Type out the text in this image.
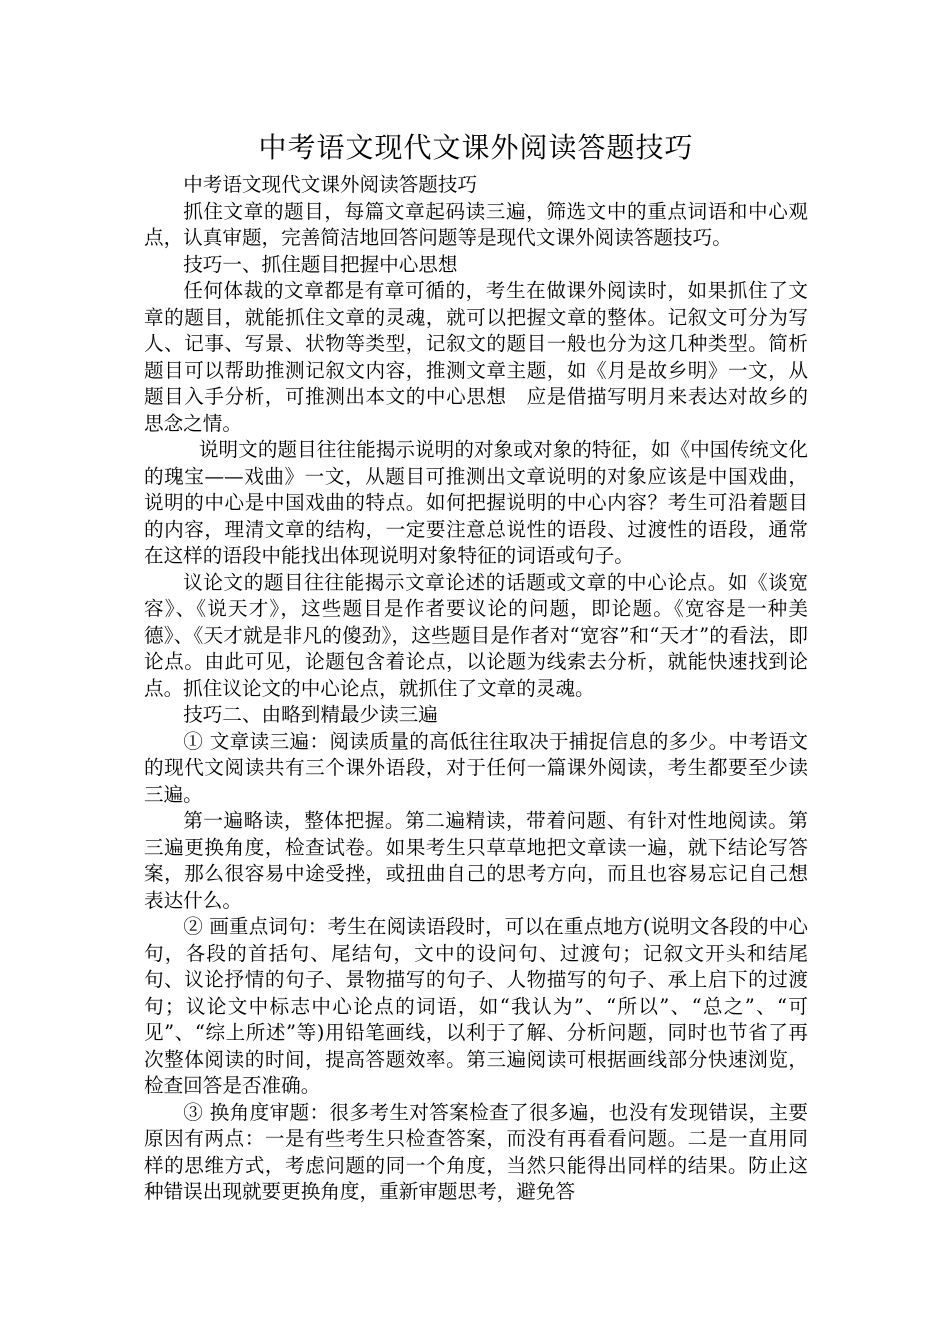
中考语文现代文课外阅读答题技巧

中考语文现代文课外阅读答题技巧

抓住文章的题目，每篇文章起码读三遍，筛选文中的重点词语和中心观点，认真审题，完善简洁地回答问题等是现代文课外阅读答题技巧。

技巧一、抓住题目把握中心思想

任何体裁的文章都是有章可循的，考生在做课外阅读时，如果抓住了文章的题目，就能抓住文章的灵魂，就可以把握文章的整体。记叙文可分为写人、记事、写景、状物等类型，记叙文的题目一般也分为这几种类型。简析题目可以帮助推测记叙文内容，推测文章主题，如《月是故乡明》一文，从题目入手分析，可推测出本文的中心思想　应是借描写明月来表达对故乡的思念之情。

说明文的题目往往能揭示说明的对象或对象的特征，如《中国传统文化的瑰宝——戏曲》一文，从题目可推测出文章说明的对象应该是中国戏曲，说明的中心是中国戏曲的特点。如何把握说明的中心内容？考生可沿着题目的内容，理清文章的结构，一定要注意总说性的语段、过渡性的语段，通常在这样的语段中能找出体现说明对象特征的词语或句子。

议论文的题目往往能揭示文章论述的话题或文章的中心论点。如《谈宽容》、《说天才》，这些题目是作者要议论的问题，即论题。《宽容是一种美德》、《天才就是非凡的傻劲》，这些题目是作者对“宽容”和“天才”的看法，即论点。由此可见，论题包含着论点，以论题为线索去分析，就能快速找到论点。抓住议论文的中心论点，就抓住了文章的灵魂。

技巧二、由略到精最少读三遍

① 文章读三遍：阅读质量的高低往往取决于捕捉信息的多少。中考语文的现代文阅读共有三个课外语段，对于任何一篇课外阅读，考生都要至少读三遍。

第一遍略读，整体把握。第二遍精读，带着问题、有针对性地阅读。第三遍更换角度，检查试卷。如果考生只草草地把文章读一遍，就下结论写答案，那么很容易中途受挫，或扭曲自己的思考方向，而且也容易忘记自己想表达什么。

② 画重点词句：考生在阅读语段时，可以在重点地方(说明文各段的中心句，各段的首括句、尾结句，文中的设问句、过渡句；记叙文开头和结尾句、议论抒情的句子、景物描写的句子、人物描写的句子、承上启下的过渡句；议论文中标志中心论点的词语，如“我认为”、“所以”、“总之”、“可见”、“综上所述”等)用铅笔画线，以利于了解、分析问题，同时也节省了再次整体阅读的时间，提高答题效率。第三遍阅读可根据画线部分快速浏览，检查回答是否准确。

③ 换角度审题：很多考生对答案检查了很多遍，也没有发现错误，主要原因有两点：一是有些考生只检查答案，而没有再看看问题。二是一直用同样的思维方式，考虑问题的同一个角度，当然只能得出同样的结果。防止这种错误出现就要更换角度，重新审题思考，避免答
